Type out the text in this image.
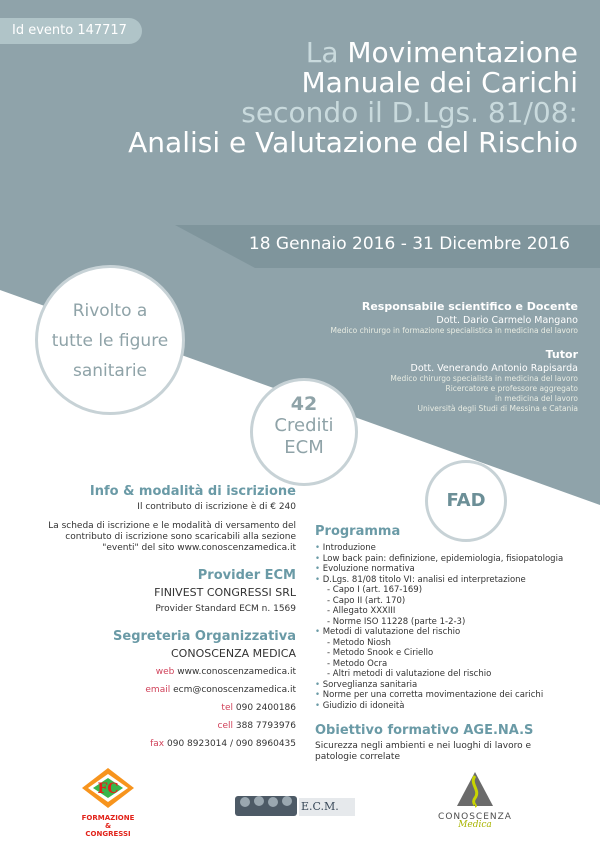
Id evento 147717
La Movimentazione
Manuale dei Carichi
secondo il D.Lgs. 81/08:
Analisi e Valutazione del Rischio
18 Gennaio 2016 - 31 Dicembre 2016
Rivolto a
tutte le figure
sanitarie
42
Crediti
ECM
FAD
Responsabile scientifico e Docente
Dott. Dario Carmelo Mangano
Medico chirurgo in formazione specialistica in medicina del lavoro
Tutor
Dott. Venerando Antonio Rapisarda
Medico chirurgo specialista in medicina del lavoro
Ricercatore e professore aggregato
in medicina del lavoro
Università degli Studi di Messina e Catania
Info & modalità di iscrizione
Il contributo di iscrizione è di € 240
La scheda di iscrizione e le modalità di versamento del
contributo di iscrizione sono scaricabili alla sezione
"eventi" del sito www.conoscenzamedica.it
Provider ECM
FINIVEST CONGRESSI SRL
Provider Standard ECM n. 1569
Segreteria Organizzativa
CONOSCENZA MEDICA
web www.conoscenzamedica.it
email ecm@conoscenzamedica.it
tel 090 2400186
cell 388 7793976
fax 090 8923014 / 090 8960435
Programma
• Introduzione
• Low back pain: definizione, epidemiologia, fisiopatologia
• Evoluzione normativa
• D.Lgs. 81/08 titolo VI: analisi ed interpretazione
- Capo I (art. 167-169)
- Capo II (art. 170)
- Allegato XXXIII
- Norme ISO 11228 (parte 1-2-3)
• Metodi di valutazione del rischio
- Metodo Niosh
- Metodo Snook e Ciriello
- Metodo Ocra
- Altri metodi di valutazione del rischio
• Sorveglianza sanitaria
• Norme per una corretta movimentazione dei carichi
• Giudizio di idoneità
Obiettivo formativo AGE.NA.S
Sicurezza negli ambienti e nei luoghi di lavoro e
patologie correlate
FC
FORMAZIONE
&
CONGRESSI
E.C.M.
CONOSCENZA
Medica
